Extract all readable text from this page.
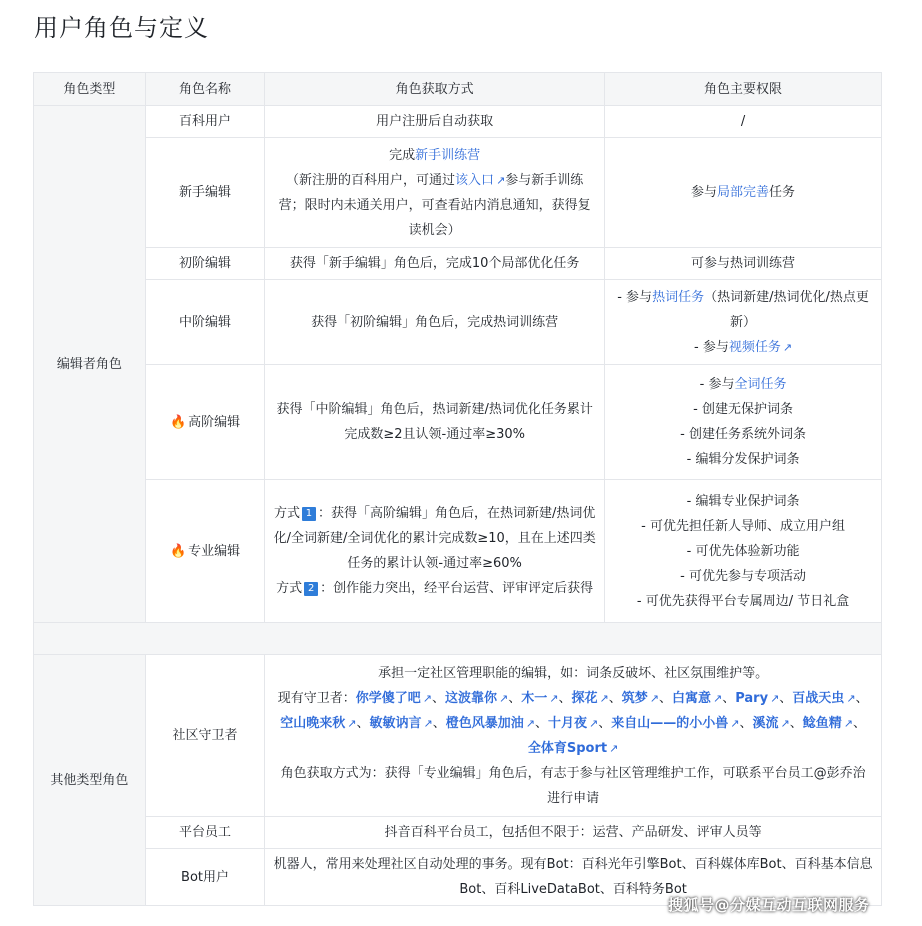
用户角色与定义
角色类型	角色名称	角色获取方式	角色主要权限
编辑者角色	百科用户	用户注册后自动获取	/
	新手编辑	完成新手训练营
（新注册的百科用户，可通过该入口 ↗参与新手训练营；限时内未通关用户，可查看站内消息通知，获得复读机会）	参与局部完善任务
	初阶编辑	获得「新手编辑」角色后，完成10个局部优化任务	可参与热词训练营
	中阶编辑	获得「初阶编辑」角色后，完成热词训练营	- 参与热词任务（热词新建/热词优化/热点更新）
- 参与视频任务 ↗

	🔥 高阶编辑	获得「中阶编辑」角色后，热词新建/热词优化任务累计完成数≥2且认领-通过率≥30%	- 参与全词任务
- 创建无保护词条
- 创建任务系统外词条
- 编辑分发保护词条

	🔥 专业编辑	方式 1 ：获得「高阶编辑」角色后，在热词新建/热词优化/全词新建/全词优化的累计完成数≥10，且在上述四类任务的累计认领-通过率≥60%
方式 2 ：创作能力突出，经平台运营、评审评定后获得	- 编辑专业保护词条
- 可优先担任新人导师、成立用户组
- 可优先体验新功能
- 可优先参与专项活动
- 可优先获得平台专属周边/ 节日礼盒

其他类型角色	社区守卫者	承担一定社区管理职能的编辑，如：词条反破坏、社区氛围维护等。
现有守卫者：你学傻了吧 ↗、这波靠你 ↗、木一 ↗、探花 ↗、筑梦 ↗、白寓意 ↗、Pary ↗、百战天虫 ↗、空山晚来秋 ↗、敏敏讷言 ↗、橙色风暴加油 ↗、十月夜 ↗、来自山——的小小兽 ↗、溪流 ↗、鲶鱼精 ↗、全体育Sport ↗
角色获取方式为：获得「专业编辑」角色后，有志于参与社区管理维护工作，可联系平台员工@彭乔治进行申请	

	平台员工	抖音百科平台员工，包括但不限于：运营、产品研发、评审人员等	
	Bot用户	机器人，常用来处理社区自动处理的事务。现有Bot：百科光年引擎Bot、百科媒体库Bot、百科基本信息Bot、百科LiveDataBot、百科特务Bot	
搜狐号@分媒互动互联网服务
